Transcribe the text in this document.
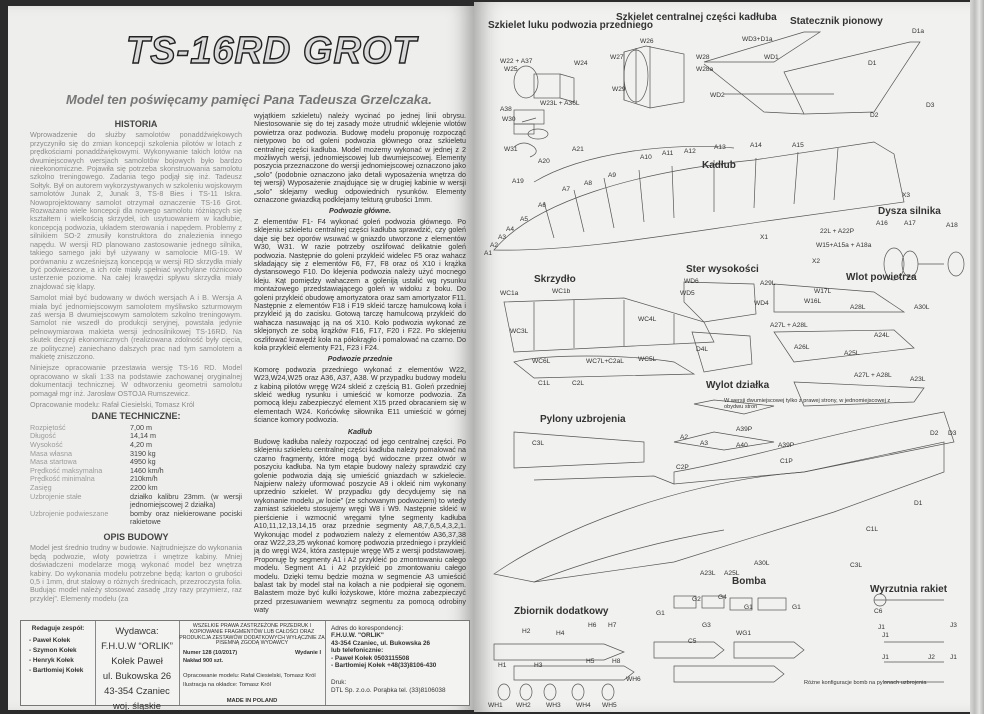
TS-16RD GROT
Model ten poświęcamy pamięci Pana Tadeusza Grzelczaka.
HISTORIA

Wprowadzenie do służby samolotów ponaddźwiękowych przyczyniło się do zmian koncepcji szkolenia pilotów w lotach z prędkościami ponaddźwiękowymi. Wykonywanie takich lotów na dwumiejscowych wersjach samolotów bojowych było bardzo nieekonomiczne. Pojawiła się potrzeba skonstruowania samolotu szkolno treningowego. Zadania tego podjął się inż. Tadeusz Sołtyk. Był on autorem wykorzystywanych w szkoleniu wojskowym samolotów Junak 2, Junak 3, TS-8 Bies i TS-11 Iskra. Nowoprojektowany samolot otrzymał oznaczenie TS-16 Grot. Rozważano wiele koncepcji dla nowego samolotu różniących się kształtem i wielkością skrzydeł, ich usytuowaniem w kadłubie, koncepcją podwozia, układem sterowania i napędem. Problemy z silnikiem SO-2 zmusiły konstruktora do znalezienia innego napędu. W wersji RD planowano zastosowanie jednego silnika, takiego samego jaki był używany w samolocie MIG-19. W porównaniu z wcześniejszą koncepcją w wersji RD skrzydła miały być podwieszone, a ich role miały spełniać wychylane różnicowo usterzenie poziome. Na całej krawędzi spływu skrzydła miały znajdować się klapy.

Samolot miał być budowany w dwóch wersjach A i B. Wersja A miała być jednomiejscowym samolotem myśliwsko szturmowym zaś wersja B dwumiejscowym samolotem szkolno treningowym. Samolot nie wszedł do produkcji seryjnej, powstała jedynie pełnowymiarowa makieta wersji jednosilnikowej TS-16RD. Na skutek decyzji ekonomicznych (realizowana zdolność były cięcia, ze polityczne) zaniechano dalszych prac nad tym samolotem a makietę zniszczono.

Niniejsze opracowanie przestawia wersję TS-16 RD. Model opracowano w skali 1:33 na podstawie zachowanej oryginalnej dokumentacji technicznej. W odtworzeniu geometrii samolotu pomagał mgr inż. Jarosław OSTOJA Rumszewicz.

Opracowanie modelu: Rafał Ciesielski, Tomasz Król

DANE TECHNICZNE:
Rozpiętość	7,00 m
Długość	14,14 m
Wysokość	4,20 m
Masa własna	3190 kg
Masa startowa	4950 kg
Prędkość maksymalna	1460 km/h
Prędkość minimalna	210km/h
Zasięg	2200 km
Uzbrojenie stałe	działko kalibru 23mm. (w wersji jednomiejscowej 2 działka)
Uzbrojenie podwieszane	bomby oraz niekierowane pociski rakietowe
OPIS BUDOWY

Model jest średnio trudny w budowie. Najtrudniejsze do wykonania będą podwozie, wloty powietrza i wnętrze kabiny. Mniej doświadczeni modelarze mogą wykonać model bez wnętrza kabiny. Do wykonania modelu potrzebne będą: karton o grubości 0,5 i 1mm, drut stalowy o różnych średnicach, przezroczysta folia. Budując model należy stosować zasadę „trzy razy przymierz, raz przyklej”. Elementy modelu (za

wyjątkiem szkieletu) należy wycinać po jednej linii obrysu. Niestosowanie się do tej zasady może utrudnić wklejenie wlotów powietrza oraz podwozia. Budowę modelu proponuję rozpocząć nietypowo bo od goleni podwozia głównego oraz szkieletu centralnej części kadłuba. Model możemy wykonać w jednej z 2 możliwych wersji, jednomiejscowej lub dwumiejscowej. Elementy poszycia przeznaczone do wersji jednomiejscowej oznaczono jako „solo” (podobnie oznaczono jako detali wyposażenia wnętrza do tej wersji) Wyposażenie znajdujące się w drugiej kabinie w wersji „solo” sklejamy według odpowiednich rysunków. Elementy oznaczone gwiazdką podklejamy tekturą grubości 1mm.

Podwozie główne.

Z elementów F1- F4 wykonać goleń podwozia głównego. Po sklejeniu szkieletu centralnej części kadłuba sprawdzić, czy goleń daje się bez oporów wsuwać w gniazdo utworzone z elementów W30, W31. W razie potrzeby oszlifować delikatnie goleń podwozia. Następnie do goleni przykleić widelec F5 oraz wahacz składający się z elementów F6, F7, F8 oraz oś X10 i krążka dystansowego F10. Do klejenia podwozia należy użyć mocnego kleju. Kąt pomiędzy wahaczem a goleniją ustalić wg rysunku montażowego przedstawiającego goleń w widoku z boku. Do goleni przykleić obudowę amortyzatora oraz sam amortyzator F11. Następnie z elementów F18 i F19 skleić tarczę hamulcową koła i przykleić ją do zacisku. Gotową tarczę hamulcową przykleić do wahacza nasuwając ją na oś X10. Koło podwozia wykonać ze sklejonych ze sobą krążków F16, F17, F20 i F22. Po sklejeniu oszlifować krawędź koła na półokrągło i pomalować na czarno. Do koła przykleić elementy F21, F23 i F24.

Podwozie przednie

Komorę podwozia przedniego wykonać z elementów W22, W23,W24,W25 oraz A36, A37, A38. W przypadku budowy modelu z kabiną pilotów wręgę W24 skleić z częścią B1. Goleń przedniej skleić według rysunku i umieścić w komorze podwozia. Za pomocą kleju zabezpieczyć element X15 przed obracaniem się w elementach W24. Końcówkę siłownika E11 umieścić w górnej ściance komory podwozia.

Kadłub

Budowę kadłuba należy rozpocząć od jego centralnej części. Po sklejeniu szkieletu centralnej części kadłuba należy pomalować na czarno fragmenty, które mogą być widoczne przez otwór w poszyciu kadłuba. Na tym etapie budowy należy sprawdzić czy golenie podwozia dają się umieścić gniazdach w szkielecie. Najpierw należy uformować poszycie A9 i okleić nim wykonany uprzednio szkielet. W przypadku gdy decydujemy się na wykonanie modelu „w locie” (ze schowanym podwoziem) to wtedy zamiast szkieletu stosujemy wręgi W8 i W9. Następnie skleić w pierścienie i wzmocnić wręgami tylne segmenty kadłuba A10,11,12,13,14,15 oraz przednie segmenty A8,7,6,5,4,3,2,1. Wykonując model z podwoziem należy z elementów A36,37,38 oraz W22,23,25 wykonać komorę podwozia przedniego i przykleić ją do wręgi W24, która zastępuje wręgę W5 z wersji podstawowej. Proponuję by segmenty A1 i A2 przykleić po zmontowaniu całego modelu. Segment A1 i A2 przykleić po zmontowaniu całego modelu. Dzięki temu będzie można w segmencie A3 umieścić balast tak by model stał na kołach a nie podpierał się ogonem. Balastem może być kulki łożyskowe, które można zabezpieczyć przed przesuwaniem wewnątrz segmentu za pomocą odrobiny waty

Redaguje zespół:
- Paweł Kołek
- Szymon Kołek
- Henryk Kołek
- Bartłomiej Kołek
Wydawca:
F.H.U.W “ORLIK”
Kołek Paweł
ul. Bukowska 26
43-354 Czaniec
woj. śląskie
WSZELKIE PRAWA ZASTRZEŻONE PRZEDRUK I KOPIOWANIE FRAGMENTÓW LUB CAŁOŚCI ORAZ PRODUKCJA ZESTAWÓW DODATKOWYCH WYŁĄCZNIE ZA PISEMNĄ ZGODĄ WYDAWCY
Numer 128 (10/2017)	Wydanie I
Nakład 900 szt.
Opracowanie modelu: Rafał Ciesielski, Tomasz Król
Ilustracja na okładce: Tomasz Król
MADE IN POLAND
Adres do korespondencji:
F.H.U.W. "ORLIK"
43-354 Czaniec, ul. Bukowska 26
lub telefonicznie:
- Paweł Kołek 0503115508
- Bartłomiej Kołek +48(33)8106-430
Druk:
DTL Sp. z.o.o. Porąbka tel. (33)8106038
Szkielet luku podwozia przedniego
Szkielet centralnej części kadłuba Statecznik pionowy
Kadłub
Dysza silnika
Skrzydło
Ster wysokości
Wlot powietrza
Wylot działka
Pylony uzbrojenia
Zbiornik dodatkowy
Bomba
Wyrzutnia rakiet
W wersji dwumiejscowej tylko z prawej strony, w jednomiejscowej z obydwu stron
Różne konfiguracje bomb na pylonach uzbrojenia
W22 + A37
W25
W24
W23L + A36L
A38
W30
W31
W26
W27	W28
W28a
W29
WD3+D1a
D1a
WD1
D1
WD2
D2
D3
A21
A20
A19
A9
A8
A7
A6
A5
A4
A3
A2
A1
A10
A11 A12
A13	A14	A15
X3
X1
X2
22L + A22P
W15+A15a + A18a
A16 A17	A18
WC1a	WC1b
WC4L
WC3L
WC6L	WC7L+C2aL WC5L
C1L	C2L
WD6
WD5
WD4
D4L
A29L
W17L
W16L
A28L	A30L
A27L + A28L
A24L
A26L
A25L
A27L + A28L
A23L
A39P
A2
A3	A40	A39P
C3L
C1P
C2P
C1L
D2 D3
D1
A30L
A23L A25L
C3L
H2	H4
H6 H7
H1	H3
H5	H8
WH6
WH1 WH2 WH3 WH4 WH5
G1
G2
G3
G4
WG1
G1	G1
C5
C6
J1	J3
J1
J1	J2 J1
